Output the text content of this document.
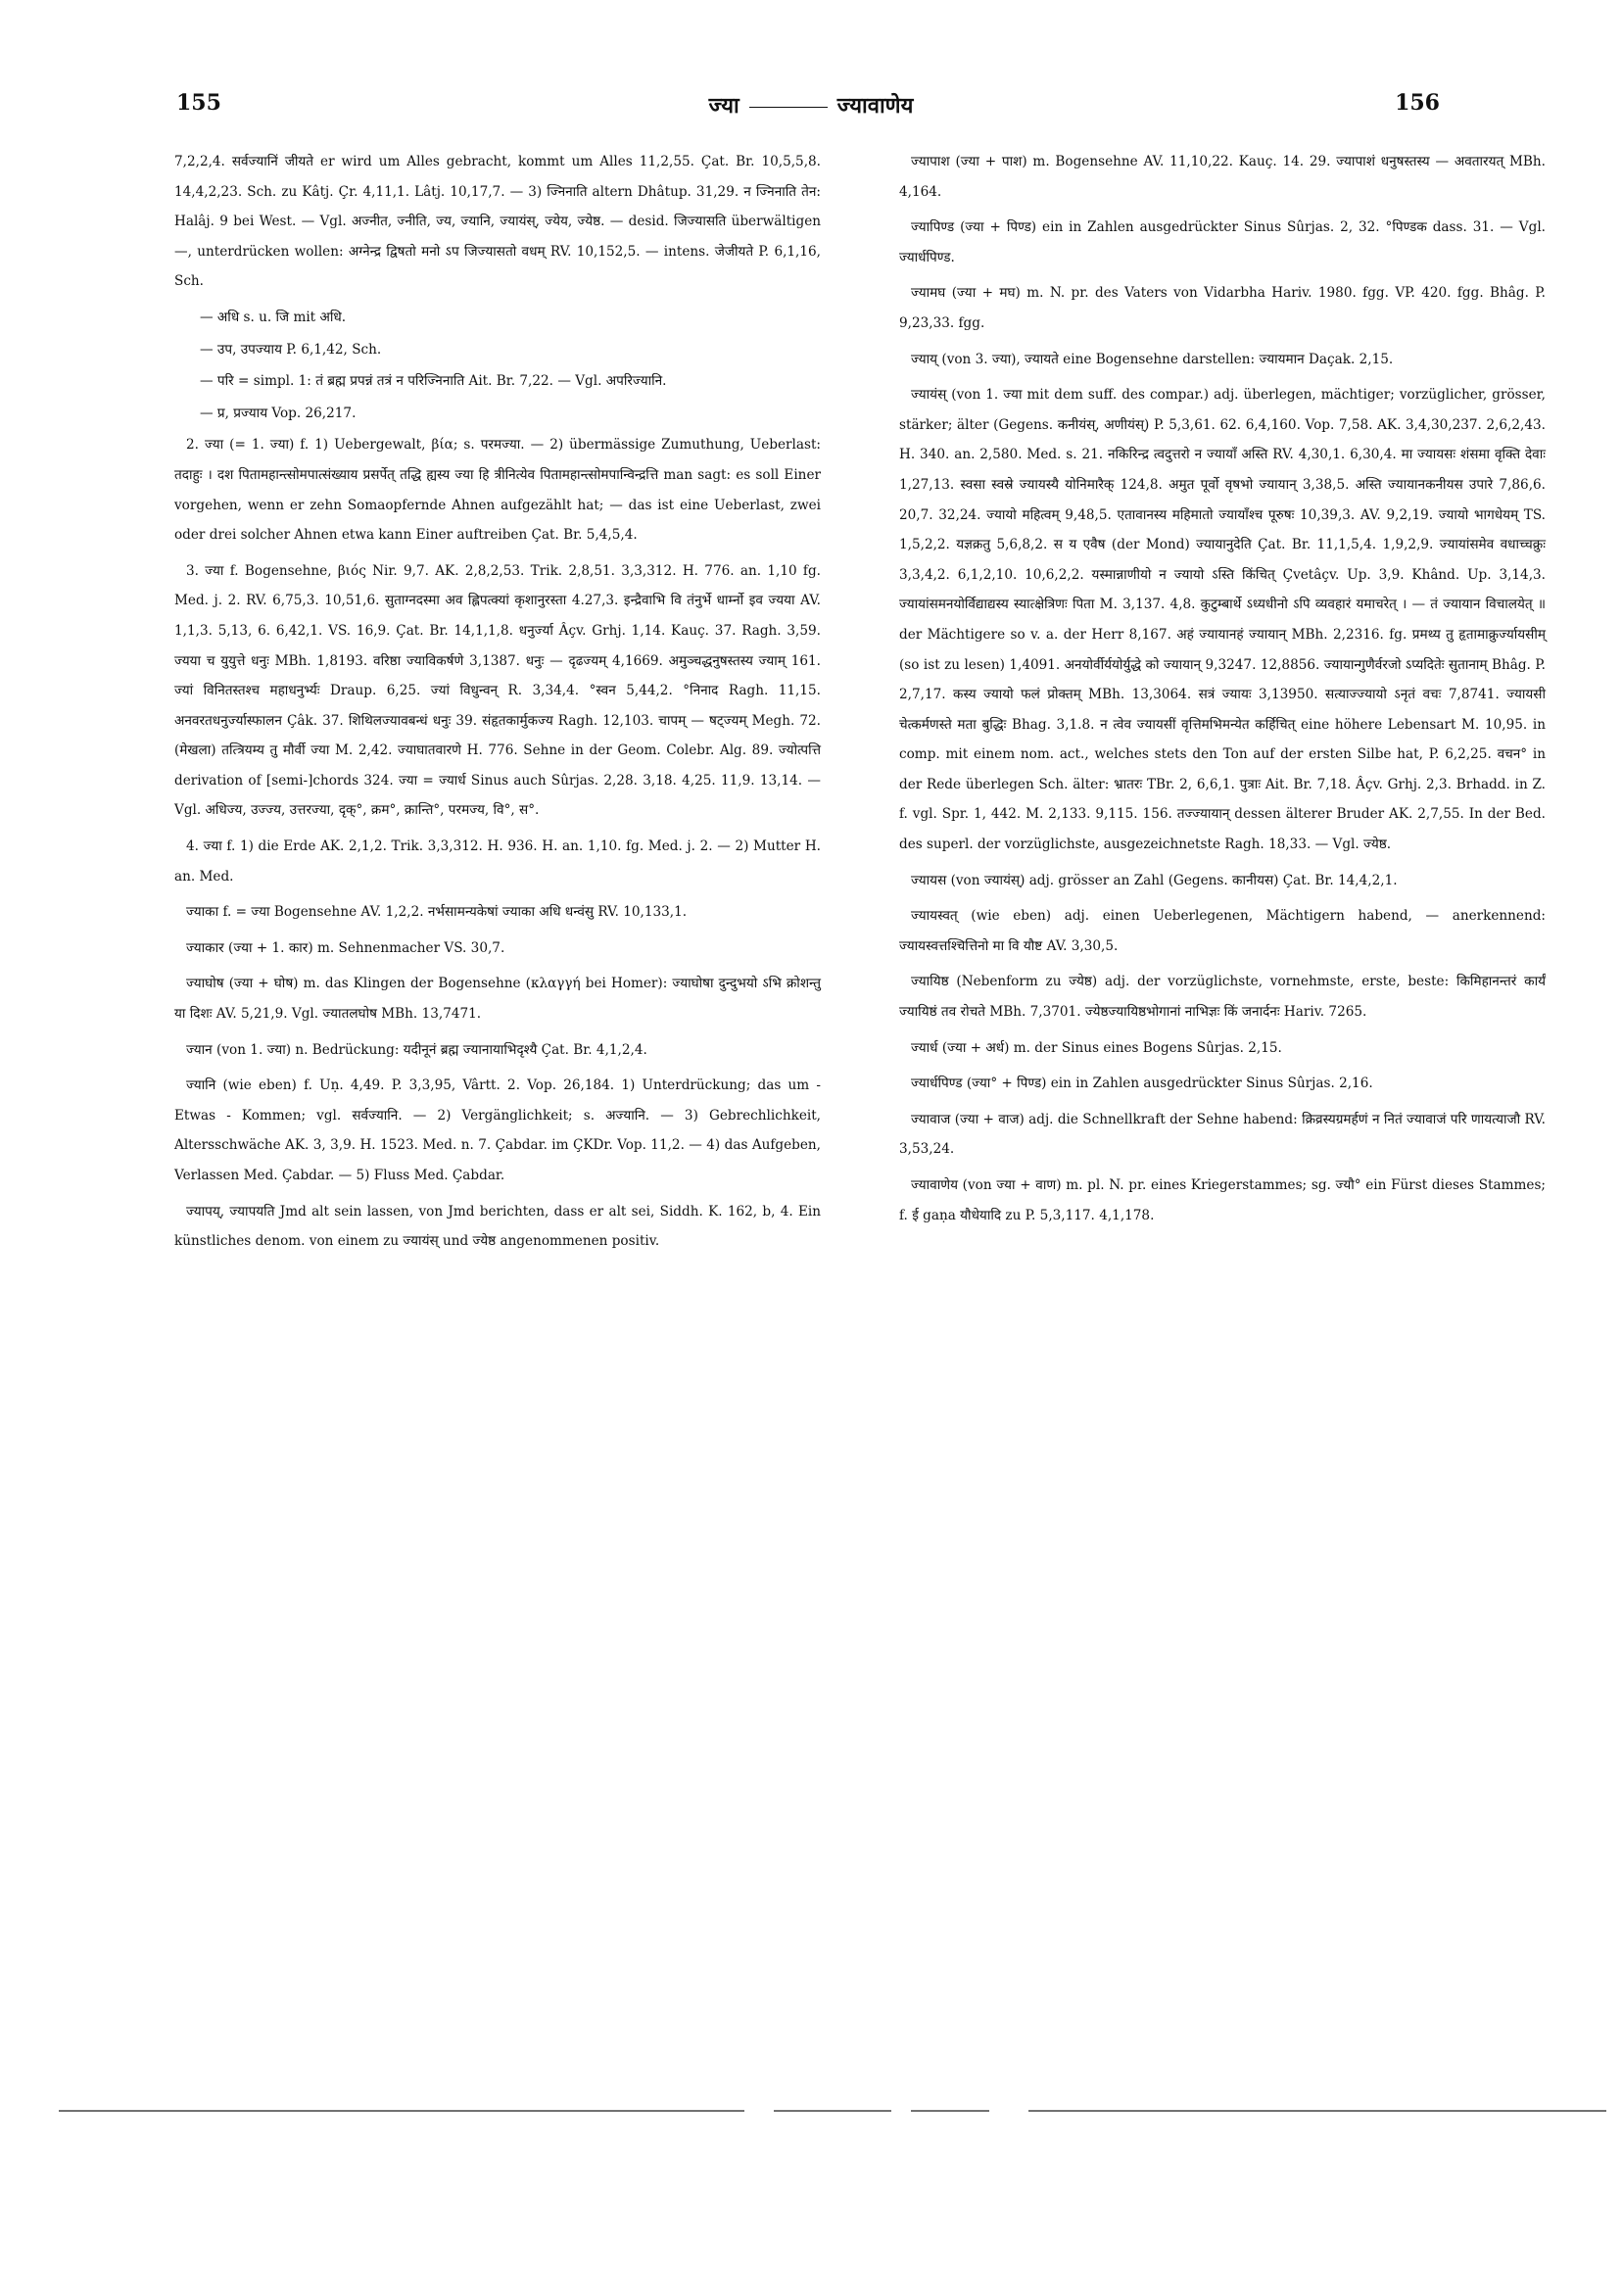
155	ज्या	ज्यावाणेय	156

7,2,2,4. सर्वज्यानिं जीयते er wird um Alles gebracht, kommt um Alles 11,2,55. Çat. Br. 10,5,5,8. 14,4,2,23. Sch. zu Kâtj. Çr. 4,11,1. Lâtj. 10,17,7. — 3) ज्निनाति altern Dhâtup. 31,29. न ज्निनाति तेन: Halâj. 9 bei West. — Vgl. अज्नीत, ज्नीति, ज्य, ज्यानि, ज्यायंस्, ज्येय, ज्येष्ठ. — desid. जिज्यासति überwältigen —, unterdrücken wollen: अग्नेन्द्र द्विषतो मनो ऽप जिज्यासतो वधम् RV. 10,152,5. — intens. जेजीयते P. 6,1,16, Sch.

— अधि s. u. जि mit अधि.

— उप, उपज्याय P. 6,1,42, Sch.

— परि = simpl. 1: तं ब्रह्म प्रपन्नं तत्रं न परिज्निनाति Ait. Br. 7,22. — Vgl. अपरिज्यानि.

— प्र, प्रज्याय Vop. 26,217.

2. ज्या (= 1. ज्या) f. 1) Uebergewalt, βία; s. परमज्या. — 2) übermässige Zumuthung, Ueberlast: तदाहुः । दश पितामहान्त्सोमपात्संख्याय प्रसर्पेत् तद्धि ह्यस्य ज्या हि त्रीनित्येव पितामहान्त्सोमपान्विन्द्रत्ति man sagt: es soll Einer vorgehen, wenn er zehn Somaopfernde Ahnen aufgezählt hat; — das ist eine Ueberlast, zwei oder drei solcher Ahnen etwa kann Einer auftreiben Çat. Br. 5,4,5,4.

3. ज्या f. Bogensehne, βιός Nir. 9,7. AK. 2,8,2,53. Trik. 2,8,51. 3,3,312. H. 776. an. 1,10 fg. Med. j. 2. RV. 6,75,3. 10,51,6. सुताग्नदस्मा अव ह्लिपत्क्यां कृशानुरस्ता 4.27,3. इन्द्रैवाभि वि तंनुर्भे धार्म्नो इव ज्यया AV. 1,1,3. 5,13, 6. 6,42,1. VS. 16,9. Çat. Br. 14,1,1,8. धनुर्ज्या Âçv. Grhj. 1,14. Kauç. 37. Ragh. 3,59. ज्यया च युयुत्ते धनुः MBh. 1,8193. वरिष्ठा ज्याविकर्षणे 3,1387. धनुः — दृढज्यम् 4,1669. अमुञ्चद्धनुषस्तस्य ज्याम् 161. ज्यां विनितस्तश्च महाधनुर्भ्यः Draup. 6,25. ज्यां विधुन्वन् R. 3,34,4. °स्वन 5,44,2. °निनाद Ragh. 11,15. अनवरतधनुर्ज्यास्फालन Çâk. 37. शिथिलज्यावबन्धं धनुः 39. संहृतकार्मुकज्य Ragh. 12,103. चापम् — षट्ज्यम् Megh. 72. (मेखला) तत्त्रियम्य तु मौर्वी ज्या M. 2,42. ज्याघातवारणे H. 776. Sehne in der Geom. Colebr. Alg. 89. ज्योत्पत्ति derivation of [semi-]chords 324. ज्या = ज्यार्ध Sinus auch Sûrjas. 2,28. 3,18. 4,25. 11,9. 13,14. — Vgl. अधिज्य, उज्ज्य, उत्तरज्या, दृक्°, क्रम°, क्रान्ति°, परमज्य, वि°, स°.

4. ज्या f. 1) die Erde AK. 2,1,2. Trik. 3,3,312. H. 936. H. an. 1,10. fg. Med. j. 2. — 2) Mutter H. an. Med.

ज्याका f. = ज्या Bogensehne AV. 1,2,2. नर्भसामन्यकेषां ज्याका अधि धन्वंसु RV. 10,133,1.

ज्याकार (ज्या + 1. कार) m. Sehnenmacher VS. 30,7.

ज्याघोष (ज्या + घोष) m. das Klingen der Bogensehne (κλαγγή bei Homer): ज्याघोषा दुन्दुभयो ऽभि क्रोशन्तु या दिशः AV. 5,21,9. Vgl. ज्यातलघोष MBh. 13,7471.

ज्यान (von 1. ज्या) n. Bedrückung: यदीनूनं ब्रह्म ज्यानायाभिदृश्यै Çat. Br. 4,1,2,4.

ज्यानि (wie eben) f. Uṇ. 4,49. P. 3,3,95, Vârtt. 2. Vop. 26,184. 1) Unterdrückung; das um - Etwas - Kommen; vgl. सर्वज्यानि. — 2) Vergänglichkeit; s. अज्यानि. — 3) Gebrechlichkeit, Altersschwäche AK. 3, 3,9. H. 1523. Med. n. 7. Çabdar. im ÇKDr. Vop. 11,2. — 4) das Aufgeben, Verlassen Med. Çabdar. — 5) Fluss Med. Çabdar.

ज्यापय्, ज्यापयति Jmd alt sein lassen, von Jmd berichten, dass er alt sei, Siddh. K. 162, b, 4. Ein künstliches denom. von einem zu ज्यायंस् und ज्येष्ठ angenommenen positiv.

ज्यापाश (ज्या + पाश) m. Bogensehne AV. 11,10,22. Kauç. 14. 29. ज्यापाशं धनुषस्तस्य — अवतारयत् MBh. 4,164.

ज्यापिण्ड (ज्या + पिण्ड) ein in Zahlen ausgedrückter Sinus Sûrjas. 2, 32. °पिण्डक dass. 31. — Vgl. ज्यार्धपिण्ड.

ज्यामघ (ज्या + मघ) m. N. pr. des Vaters von Vidarbha Hariv. 1980. fgg. VP. 420. fgg. Bhâg. P. 9,23,33. fgg.

ज्याय् (von 3. ज्या), ज्यायते eine Bogensehne darstellen: ज्यायमान Daçak. 2,15.

ज्यायंस् (von 1. ज्या mit dem suff. des compar.) adj. überlegen, mächtiger; vorzüglicher, grösser, stärker; älter (Gegens. कनीयंस्, अणीयंस्) P. 5,3,61. 62. 6,4,160. Vop. 7,58. AK. 3,4,30,237. 2,6,2,43. H. 340. an. 2,580. Med. s. 21. नकिरिन्द्र त्वदुत्तरो न ज्यायाँ अस्ति RV. 4,30,1. 6,30,4. मा ज्यायसः शंसमा वृक्ति देवाः 1,27,13. स्वसा स्वस्रे ज्यायस्यै योनिमारैक् 124,8. अमुत पूर्वो वृषभो ज्यायान् 3,38,5. अस्ति ज्यायानकनीयस उपारे 7,86,6. 20,7. 32,24. ज्यायो महित्वम् 9,48,5. एतावानस्य महिमातो ज्यायाँश्च पूरुषः 10,39,3. AV. 9,2,19. ज्यायो भागधेयम् TS. 1,5,2,2. यज्ञक्रतु 5,6,8,2. स य एवैष (der Mond) ज्यायानुदेति Çat. Br. 11,1,5,4. 1,9,2,9. ज्यायांसमेव वधाच्चक्रुः 3,3,4,2. 6,1,2,10. 10,6,2,2. यस्मान्नाणीयो न ज्यायो ऽस्ति किंचित् Çvetâçv. Up. 3,9. Khând. Up. 3,14,3. ज्यायांसमनयोर्विद्याद्यस्य स्यात्क्षेत्रिणः पिता M. 3,137. 4,8. कुटुम्बार्थे ऽध्यधीनो ऽपि व्यवहारं यमाचरेत् । — तं ज्यायान विचालयेत् ॥ der Mächtigere so v. a. der Herr 8,167. अहं ज्यायानहं ज्यायान् MBh. 2,2316. fg. प्रमथ्य तु हृतामाक्रुर्ज्यायसीम् (so ist zu lesen) 1,4091. अनयोर्वीर्ययोर्युद्धे को ज्यायान् 9,3247. 12,8856. ज्यायान्गुणैर्वरजो ऽप्यदितेः सुतानाम् Bhâg. P. 2,7,17. कस्य ज्यायो फलं प्रोक्तम् MBh. 13,3064. सत्रं ज्यायः 3,13950. सत्याज्ज्यायो ऽनृतं वचः 7,8741. ज्यायसी चेत्कर्मणस्ते मता बुद्धिः Bhag. 3,1.8. न त्वेव ज्यायसीं वृत्तिमभिमन्येत कर्हिचित् eine höhere Lebensart M. 10,95. in comp. mit einem nom. act., welches stets den Ton auf der ersten Silbe hat, P. 6,2,25. वचन° in der Rede überlegen Sch. älter: भ्रातरः TBr. 2, 6,6,1. पुत्राः Ait. Br. 7,18. Âçv. Grhj. 2,3. Brhadd. in Z. f. vgl. Spr. 1, 442. M. 2,133. 9,115. 156. तज्ज्यायान् dessen älterer Bruder AK. 2,7,55. In der Bed. des superl. der vorzüglichste, ausgezeichnetste Ragh. 18,33. — Vgl. ज्येष्ठ.

ज्यायस (von ज्यायंस्) adj. grösser an Zahl (Gegens. कानीयस) Çat. Br. 14,4,2,1.

ज्यायस्वत् (wie eben) adj. einen Ueberlegenen, Mächtigern habend, — anerkennend: ज्यायस्वत्तश्चित्तिनो मा वि यौष्ट AV. 3,30,5.

ज्यायिष्ठ (Nebenform zu ज्येष्ठ) adj. der vorzüglichste, vornehmste, erste, beste: किमिहानन्तरं कार्यं ज्यायिष्ठं तव रोचते MBh. 7,3701. ज्येष्ठज्यायिष्ठभोगानां नाभिज्ञः किं जनार्दनः Hariv. 7265.

ज्यार्ध (ज्या + अर्ध) m. der Sinus eines Bogens Sûrjas. 2,15.

ज्यार्धपिण्ड (ज्या° + पिण्ड) ein in Zahlen ausgedrückter Sinus Sûrjas. 2,16.

ज्यावाज (ज्या + वाज) adj. die Schnellkraft der Sehne habend: क्रिव्रस्यग्रमर्हणं न नितं ज्यावाजं परि णायत्याजौ RV. 3,53,24.

ज्यावाणेय (von ज्या + वाण) m. pl. N. pr. eines Kriegerstammes; sg. ज्यौ° ein Fürst dieses Stammes; f. ई gaṇa यौधेयादि zu P. 5,3,117. 4,1,178.
